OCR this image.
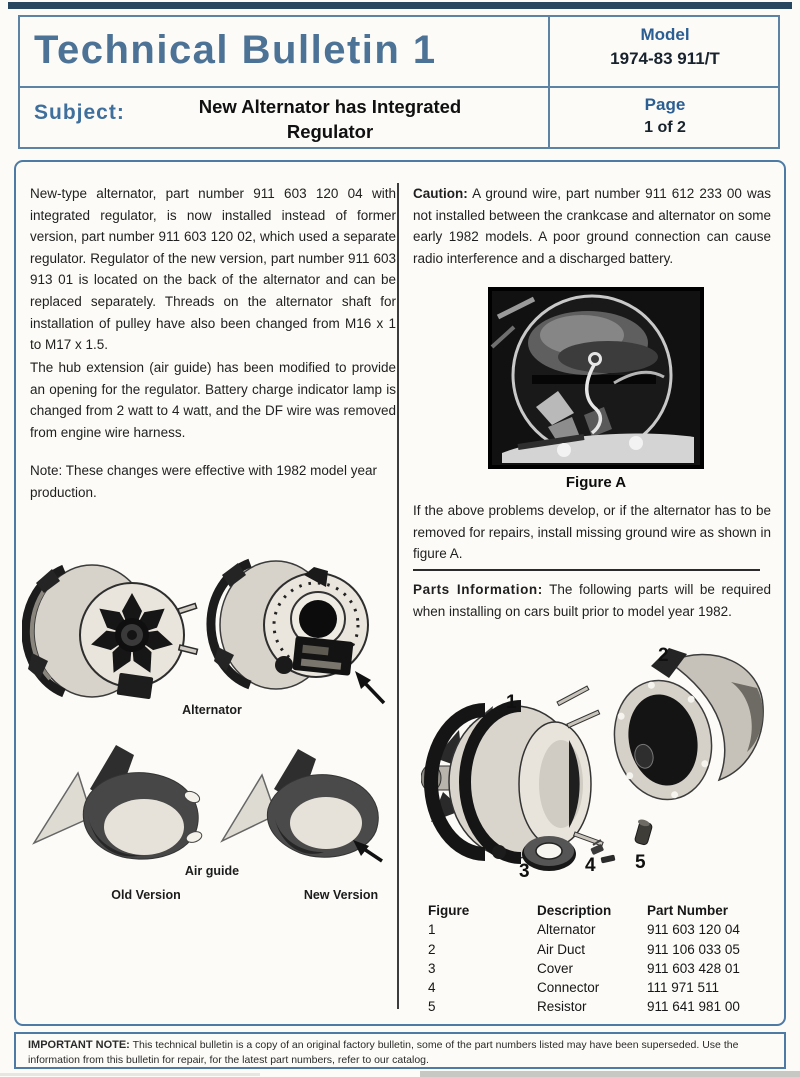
Technical Bulletin 1	Model
1974-83 911/T
Subject:	New Alternator has Integrated Regulator
Page
1 of 2

New-type alternator, part number 911 603 120 04 with integrated regulator, is now installed instead of former version, part number 911 603 120 02, which used a separate regulator. Regulator of the new version, part number 911 603 913 01 is located on the back of the alternator and can be replaced separately. Threads on the alternator shaft for installation of pulley have also been changed from M16 x 1 to M17 x 1.5.

The hub extension (air guide) has been modified to provide an opening for the regulator. Battery charge indicator lamp is changed from 2 watt to 4 watt, and the DF wire was removed from engine wire harness.

Note: These changes were effective with 1982 model year production.

Alternator
Air guide
Old Version	New Version

Caution: A ground wire, part number 911 612 233 00 was not installed between the crankcase and alternator on some early 1982 models. A poor ground connection can cause radio interference and a discharged battery.

Figure A

If the above problems develop, or if the alternator has to be removed for repairs, install missing ground wire as shown in figure A.

Parts Information: The following parts will be required when installing on cars built prior to model year 1982.

1
2
3	4 5
Figure	Description	Part Number
1	Alternator	911 603 120 04
2	Air Duct	911 106 033 05
3	Cover	911 603 428 01
4	Connector	111 971 511
5	Resistor	911 641 981 00
IMPORTANT NOTE: This technical bulletin is a copy of an original factory bulletin, some of the part numbers listed may have been superseded. Use the information from this bulletin for repair, for the latest part numbers, refer to our catalog.
